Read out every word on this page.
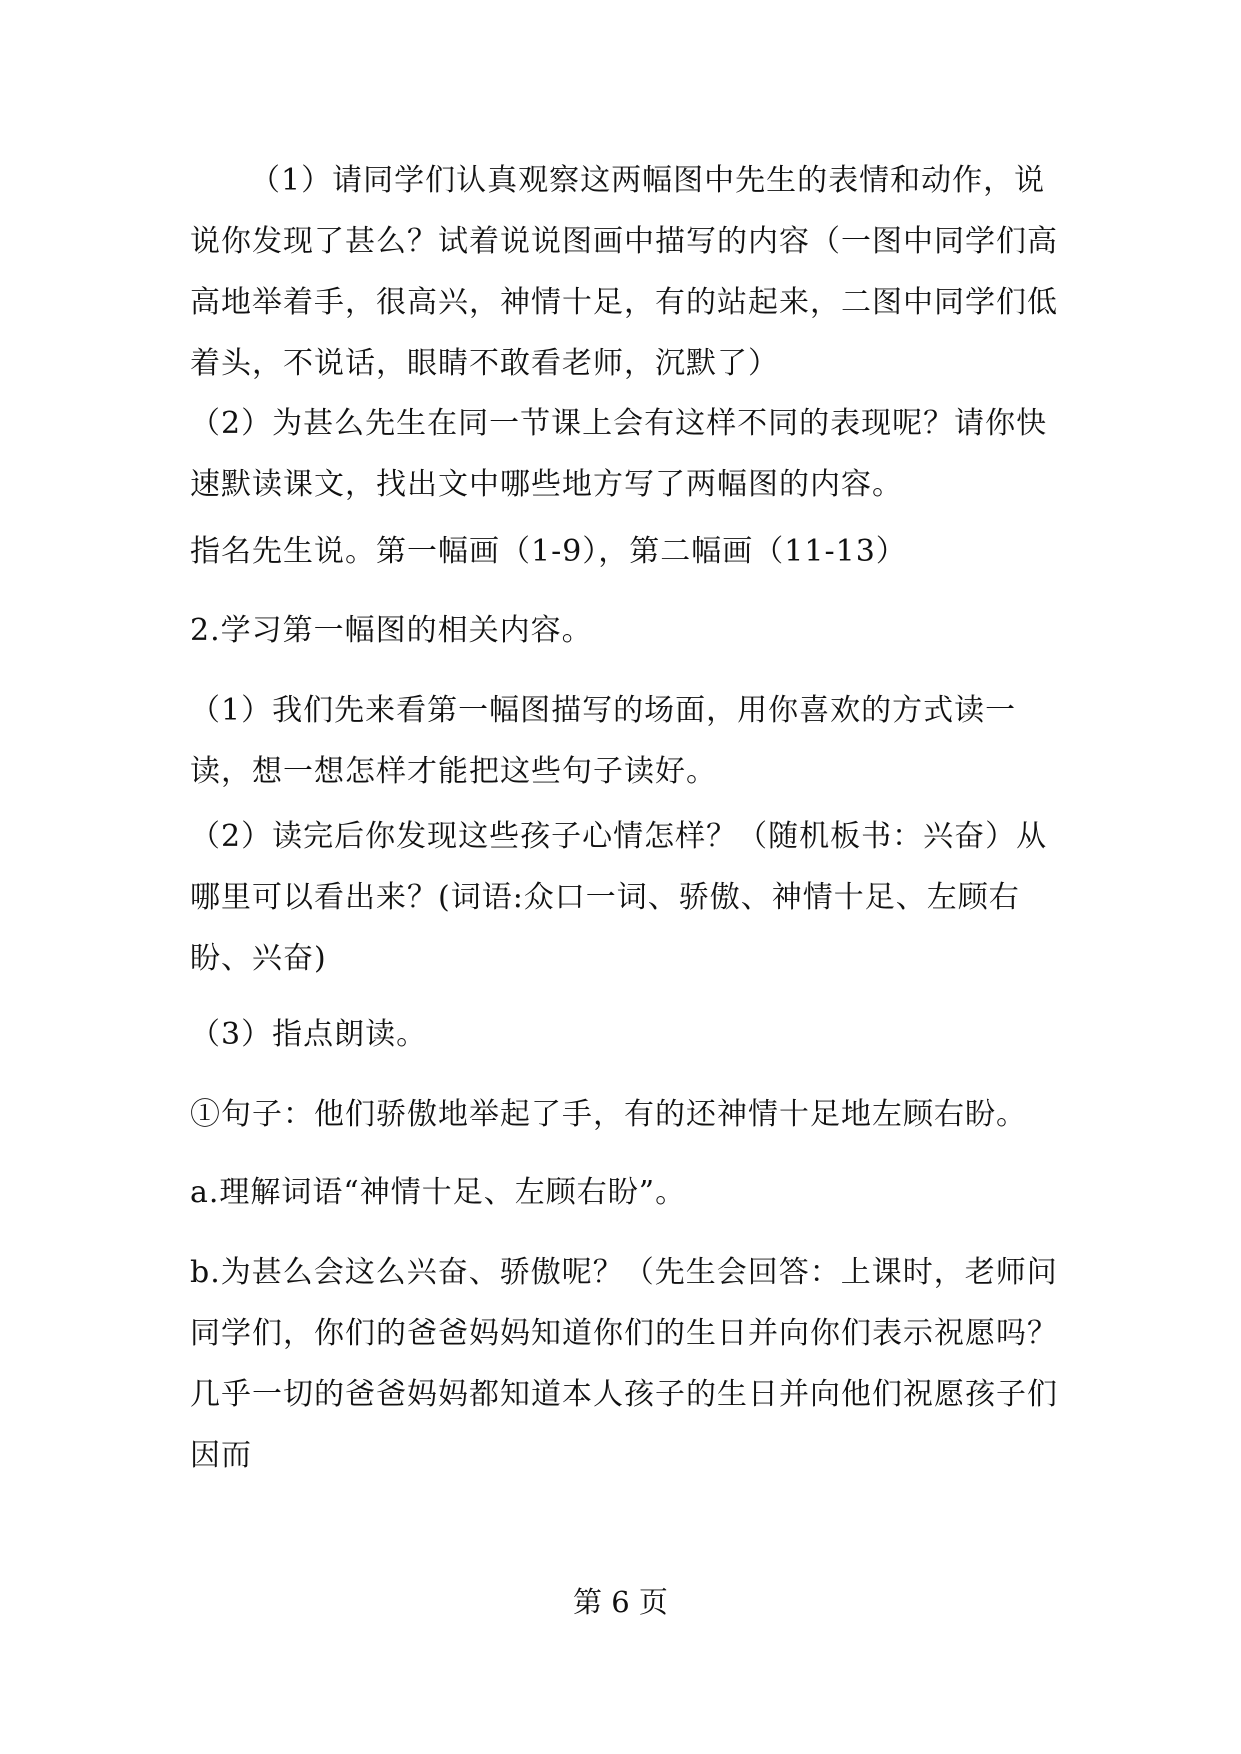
（1）请同学们认真观察这两幅图中先生的表情和动作，说说你发现了甚么？试着说说图画中描写的内容（一图中同学们高高地举着手，很高兴，神情十足，有的站起来，二图中同学们低着头，不说话，眼睛不敢看老师，沉默了）

（2）为甚么先生在同一节课上会有这样不同的表现呢？请你快速默读课文，找出文中哪些地方写了两幅图的内容。

指名先生说。第一幅画（1-9），第二幅画（11-13）

2.学习第一幅图的相关内容。

（1）我们先来看第一幅图描写的场面，用你喜欢的方式读一读，想一想怎样才能把这些句子读好。

（2）读完后你发现这些孩子心情怎样？（随机板书：兴奋）从哪里可以看出来？(词语:众口一词、骄傲、神情十足、左顾右盼、兴奋)

（3）指点朗读。

①句子：他们骄傲地举起了手，有的还神情十足地左顾右盼。

a.理解词语“神情十足、左顾右盼”。

b.为甚么会这么兴奋、骄傲呢？（先生会回答：上课时，老师问同学们，你们的爸爸妈妈知道你们的生日并向你们表示祝愿吗？几乎一切的爸爸妈妈都知道本人孩子的生日并向他们祝愿孩子们因而

第 6 页
